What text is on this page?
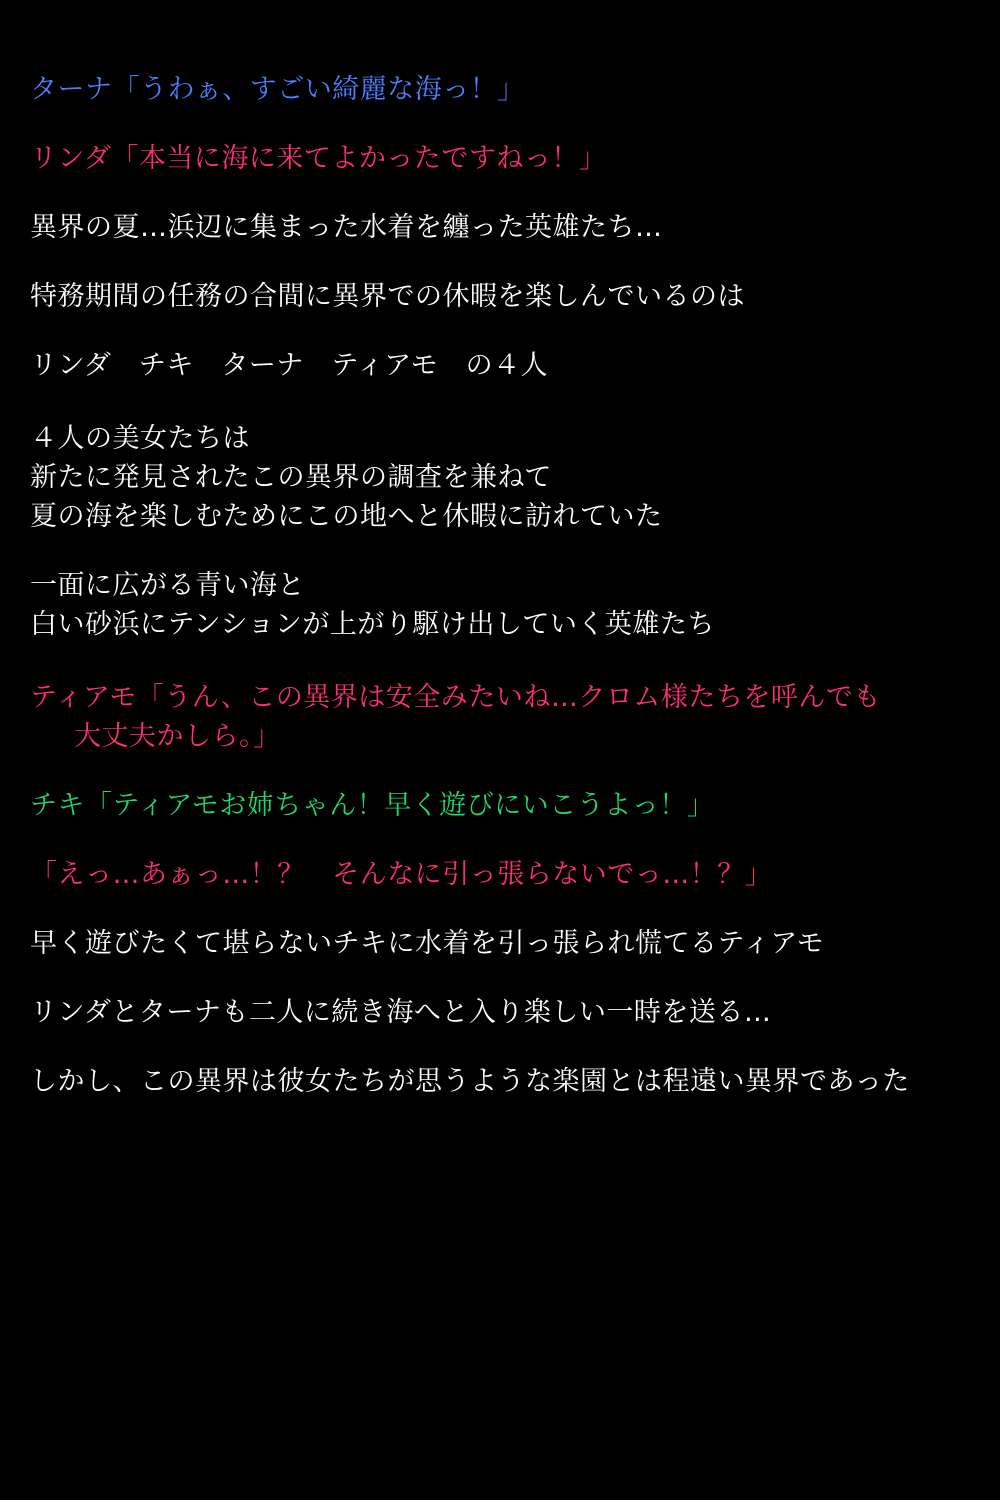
ターナ「うわぁ、すごい綺麗な海っ！」
リンダ「本当に海に来てよかったですねっ！」
異界の夏…浜辺に集まった水着を纏った英雄たち…
特務期間の任務の合間に異界での休暇を楽しんでいるのは
リンダ　チキ　ターナ　ティアモ　の４人
４人の美女たちは
新たに発見されたこの異界の調査を兼ねて
夏の海を楽しむためにこの地へと休暇に訪れていた
一面に広がる青い海と
白い砂浜にテンションが上がり駆け出していく英雄たち
ティアモ「うん、この異界は安全みたいね…クロム様たちを呼んでも
大丈夫かしら。」
チキ「ティアモお姉ちゃん！早く遊びにいこうよっ！」
「えっ…あぁっ…！？　そんなに引っ張らないでっ…！？」
早く遊びたくて堪らないチキに水着を引っ張られ慌てるティアモ
リンダとターナも二人に続き海へと入り楽しい一時を送る…
しかし、この異界は彼女たちが思うような楽園とは程遠い異界であった
